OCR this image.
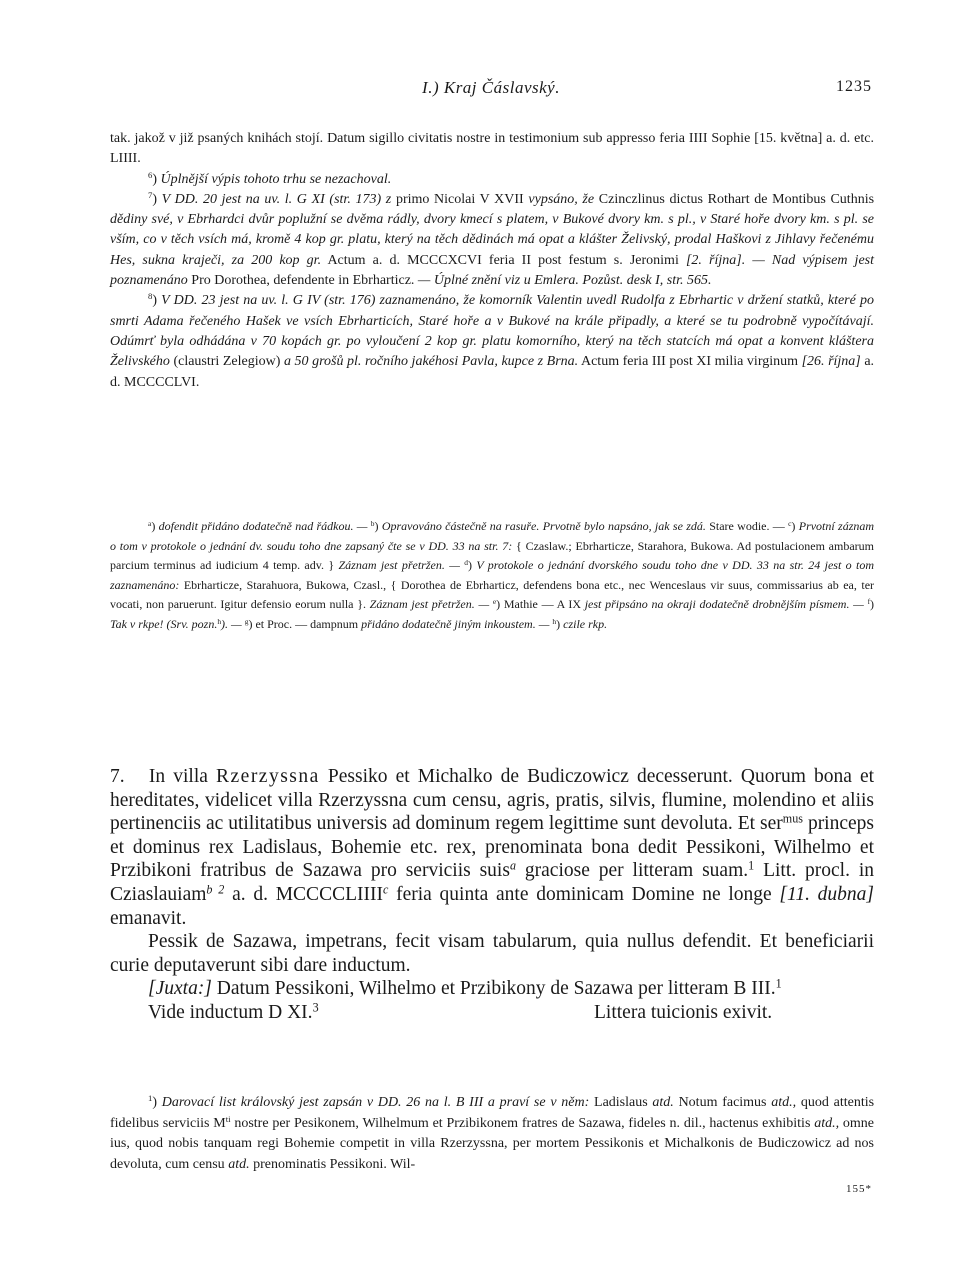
I.) Kraj Čáslavský.	1235

tak. jakož v již psaných knihách stojí. Datum sigillo civitatis nostre in testimonium sub appresso feria IIII Sophie [15. května] a. d. etc. LIIII.

$^6$) Úplnější výpis tohoto trhu se nezachoval.

$^7$) V DD. 20 jest na uv. l. G XI (str. 173) z primo Nicolai V XVII vypsáno, že Czinczlinus dictus Rothart de Montibus Cuthnis dědiny své, v Ebrhardci dvůr poplužní se dvěma rádly, dvory kmecí s platem, v Bukové dvory km. s pl., v Staré hoře dvory km. s pl. se vším, co v těch vsích má, kromě 4 kop gr. platu, který na těch dědinách má opat a klášter Želivský, prodal Haškovi z Jihlavy řečenému Hes, sukna kraječi, za 200 kop gr. Actum a. d. MCCCXCVI feria II post festum s. Jeronimi [2. října]. — Nad výpisem jest poznamenáno Pro Dorothea, defendente in Ebrharticz. — Úplné znění viz u Emlera. Pozůst. desk I, str. 565.

$^8$) V DD. 23 jest na uv. l. G IV (str. 176) zaznamenáno, že komorník Valentin uvedl Rudolfa z Ebrhartic v držení statků, které po smrti Adama řečeného Hašek ve vsích Ebrharticích, Staré hoře a v Bukové na krále připadly, a které se tu podrobně vypočítávají. Odúmrť byla odhádána v 70 kopách gr. po vyloučení 2 kop gr. platu komorního, který na těch statcích má opat a konvent kláštera Želivského (claustri Zelegiow) a 50 grošů pl. ročního jakéhosi Pavla, kupce z Brna. Actum feria III post XI milia virginum [26. října] a. d. MCCCCLVI.

$^a$) dofendit přidáno dodatečně nad řádkou. — $^b$) Opravováno částečně na rasuře. Prvotně bylo napsáno, jak se zdá. Stare wodie. — $^c$) Prvotní záznam o tom v protokole o jednání dv. soudu toho dne zapsaný čte se v DD. 33 na str. 7: { Czaslaw.; Ebrharticze, Starahora, Bukowa. Ad postulacionem ambarum parcium terminus ad iudicium 4 temp. adv. } Záznam jest přetržen. — $^d$) V protokole o jednání dvorského soudu toho dne v DD. 33 na str. 24 jest o tom zaznamenáno: Ebrharticze, Starahuora, Bukowa, Czasl., { Dorothea de Ebrharticz, defendens bona etc., nec Wenceslaus vir suus, commissarius ab ea, ter vocati, non paruerunt. Igitur defensio eorum nulla }. Záznam jest přetržen. — $^e$) Mathie — A IX jest připsáno na okraji dodatečně drobnějším písmem. — $^f$) Tak v rkpe! (Srv. pozn.$^h$). — $^g$) et Proc. — dampnum přidáno dodatečně jiným inkoustem. — $^h$) czile rkp.

7. In villa Rzerzyssna Pessiko et Michalko de Budiczowicz decesserunt. Quorum bona et hereditates, videlicet villa Rzerzyssna cum censu, agris, pratis, silvis, flumine, molendino et aliis pertinenciis ac utilitatibus universis ad dominum regem legittime sunt devoluta. Et ser$^{mus}$ princeps et dominus rex Ladislaus, Bohemie etc. rex, prenominata bona dedit Pessikoni, Wilhelmo et Przibikoni fratribus de Sazawa pro serviciis suis$^a$ graciose per litteram suam.$^1$ Litt. procl. in Cziaslauiam$^{b 2}$ a. d. MCCCCLIIII$^c$ feria quinta ante dominicam Domine ne longe [11. dubna] emanavit.

Pessik de Sazawa, impetrans, fecit visam tabularum, quia nullus defendit. Et beneficiarii curie deputaverunt sibi dare inductum.

[Juxta:] Datum Pessikoni, Wilhelmo et Przibikony de Sazawa per litteram B III.$^1$

Vide inductum D XI.$^3$	Littera tuicionis exivit.

$^1$) Darovací list královský jest zapsán v DD. 26 na l. B III a praví se v něm: Ladislaus atd. Notum facimus atd., quod attentis fidelibus serviciis $M^{ti}$ nostre per Pesikonem, Wilhelmum et Przibikonem fratres de Sazawa, fideles n. dil., hactenus exhibitis atd., omne ius, quod nobis tanquam regi Bohemie competit in villa Rzerzyssna, per mortem Pessikonis et Michalkonis de Budiczowicz ad nos devoluta, cum censu atd. prenominatis Pessikoni. Wil-

155*
